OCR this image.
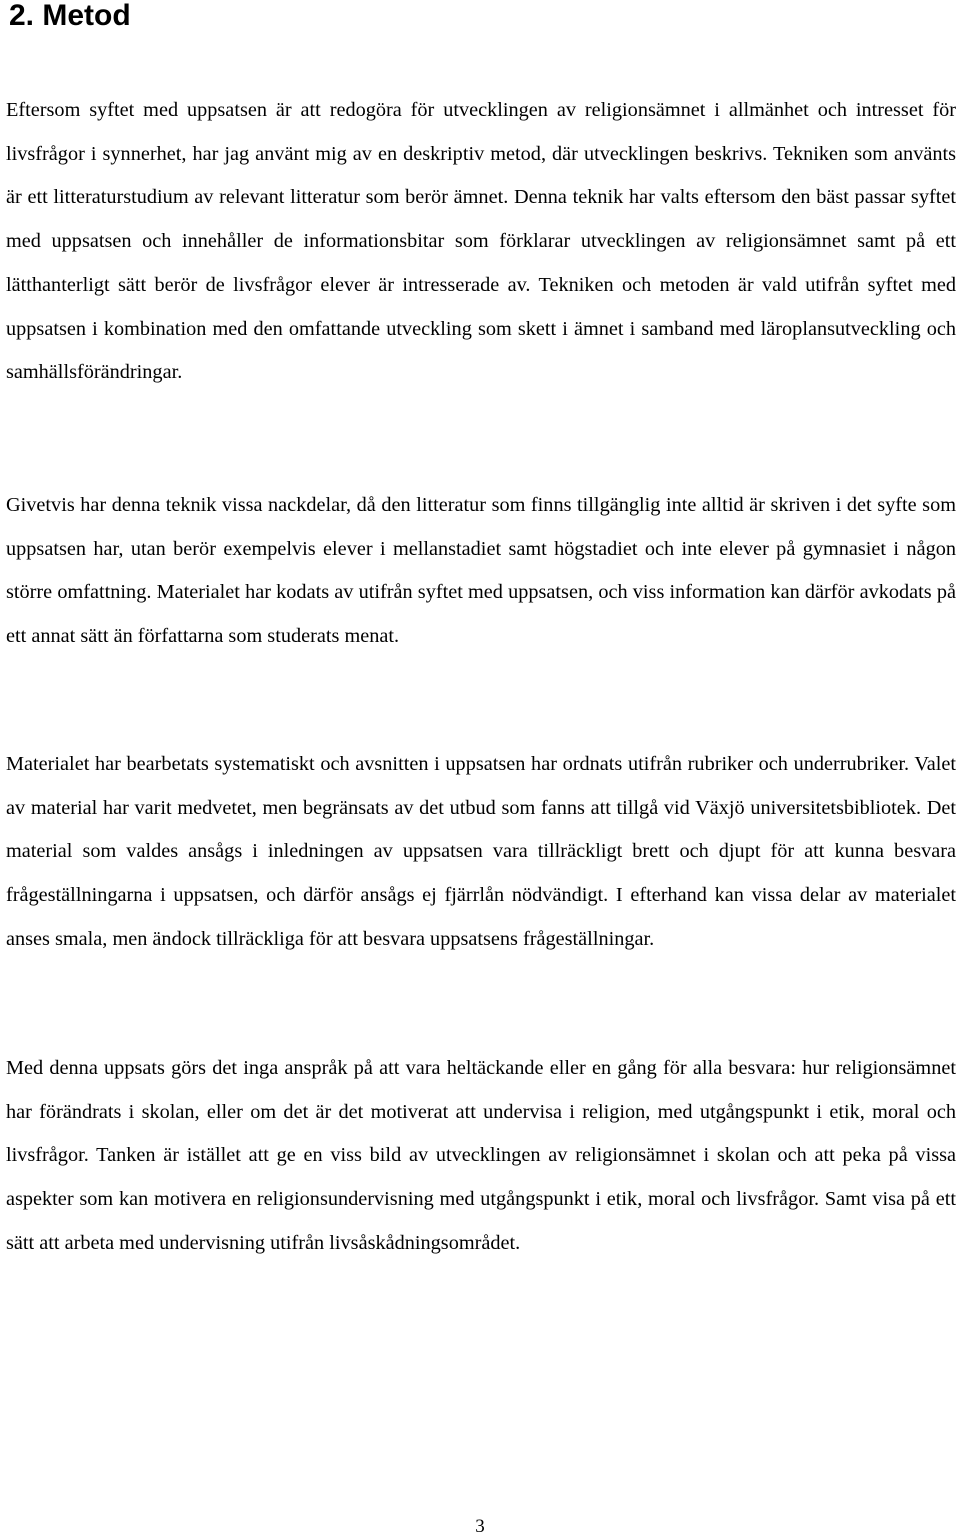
2. Metod

Eftersom syftet med uppsatsen är att redogöra för utvecklingen av religionsämnet i allmänhet och intresset för livsfrågor i synnerhet, har jag använt mig av en deskriptiv metod, där utvecklingen beskrivs. Tekniken som använts är ett litteraturstudium av relevant litteratur som berör ämnet. Denna teknik har valts eftersom den bäst passar syftet med uppsatsen och innehåller de informationsbitar som förklarar utvecklingen av religionsämnet samt på ett lätthanterligt sätt berör de livsfrågor elever är intresserade av. Tekniken och metoden är vald utifrån syftet med uppsatsen i kombination med den omfattande utveckling som skett i ämnet i samband med läroplansutveckling och samhällsförändringar.

Givetvis har denna teknik vissa nackdelar, då den litteratur som finns tillgänglig inte alltid är skriven i det syfte som uppsatsen har, utan berör exempelvis elever i mellanstadiet samt högstadiet och inte elever på gymnasiet i någon större omfattning. Materialet har kodats av utifrån syftet med uppsatsen, och viss information kan därför avkodats på ett annat sätt än författarna som studerats menat.

Materialet har bearbetats systematiskt och avsnitten i uppsatsen har ordnats utifrån rubriker och underrubriker. Valet av material har varit medvetet, men begränsats av det utbud som fanns att tillgå vid Växjö universitetsbibliotek. Det material som valdes ansågs i inledningen av uppsatsen vara tillräckligt brett och djupt för att kunna besvara frågeställningarna i uppsatsen, och därför ansågs ej fjärrlån nödvändigt. I efterhand kan vissa delar av materialet anses smala, men ändock tillräckliga för att besvara uppsatsens frågeställningar.

Med denna uppsats görs det inga anspråk på att vara heltäckande eller en gång för alla besvara: hur religionsämnet har förändrats i skolan, eller om det är det motiverat att undervisa i religion, med utgångspunkt i etik, moral och livsfrågor. Tanken är istället att ge en viss bild av utvecklingen av religionsämnet i skolan och att peka på vissa aspekter som kan motivera en religionsundervisning med utgångspunkt i etik, moral och livsfrågor. Samt visa på ett sätt att arbeta med undervisning utifrån livsåskådningsområdet.

3
